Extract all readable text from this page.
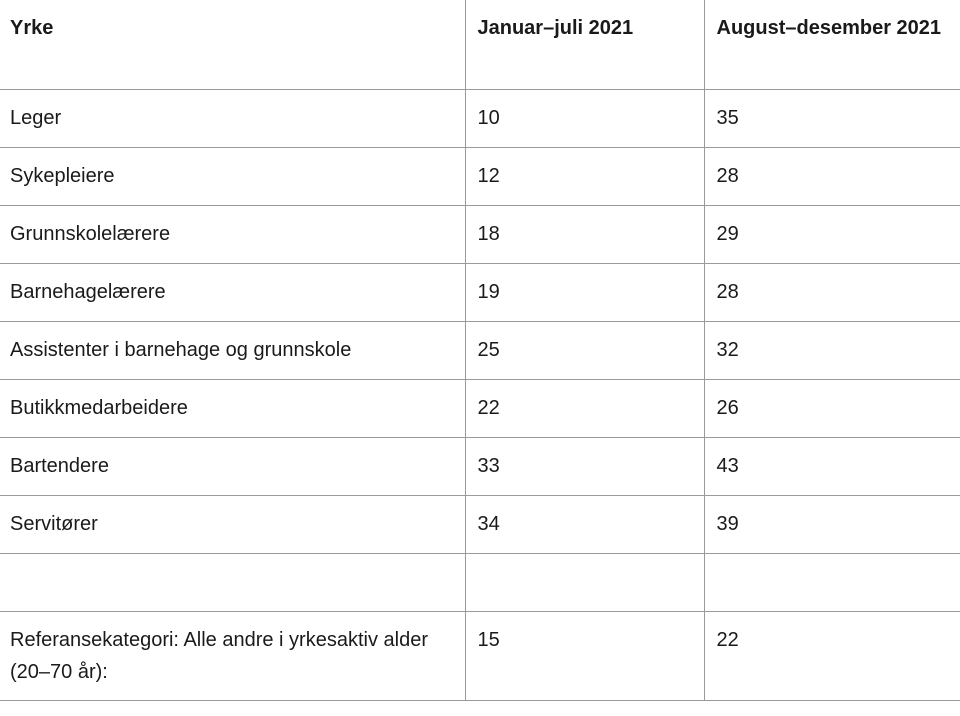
Yrke	Januar–juli 2021	August–desember 2021
Leger	10	35
Sykepleiere	12	28
Grunnskolelærere	18	29
Barnehagelærere	19	28
Assistenter i barnehage og grunnskole	25	32
Butikkmedarbeidere	22	26
Bartendere	33	43
Servitører	34	39

Referansekategori: Alle andre i yrkesaktiv alder (20–70 år):	15	22
